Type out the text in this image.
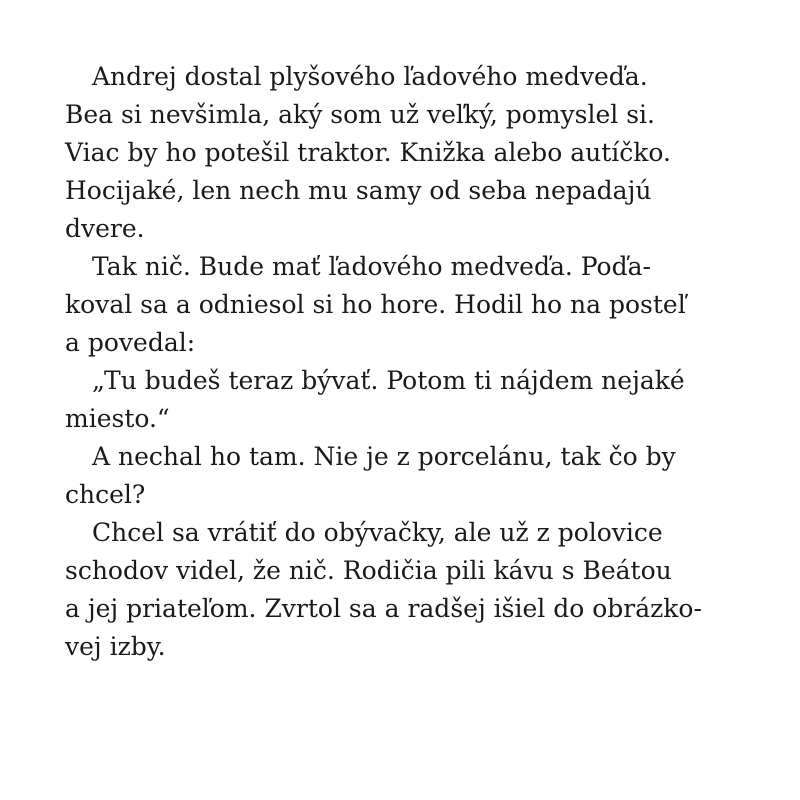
Andrej dostal plyšového ľadového medveďa.
Bea si nevšimla, aký som už veľký, pomyslel si.
Viac by ho potešil traktor. Knižka alebo autíčko.
Hocijaké, len nech mu samy od seba nepadajú
dvere.
Tak nič. Bude mať ľadového medveďa. Poďa-
koval sa a odniesol si ho hore. Hodil ho na posteľ
a povedal:
„Tu budeš teraz bývať. Potom ti nájdem nejaké
miesto.“
A nechal ho tam. Nie je z porcelánu, tak čo by
chcel?
Chcel sa vrátiť do obývačky, ale už z polovice
schodov videl, že nič. Rodičia pili kávu s Beátou
a jej priateľom. Zvrtol sa a radšej išiel do obrázko-
vej izby.
